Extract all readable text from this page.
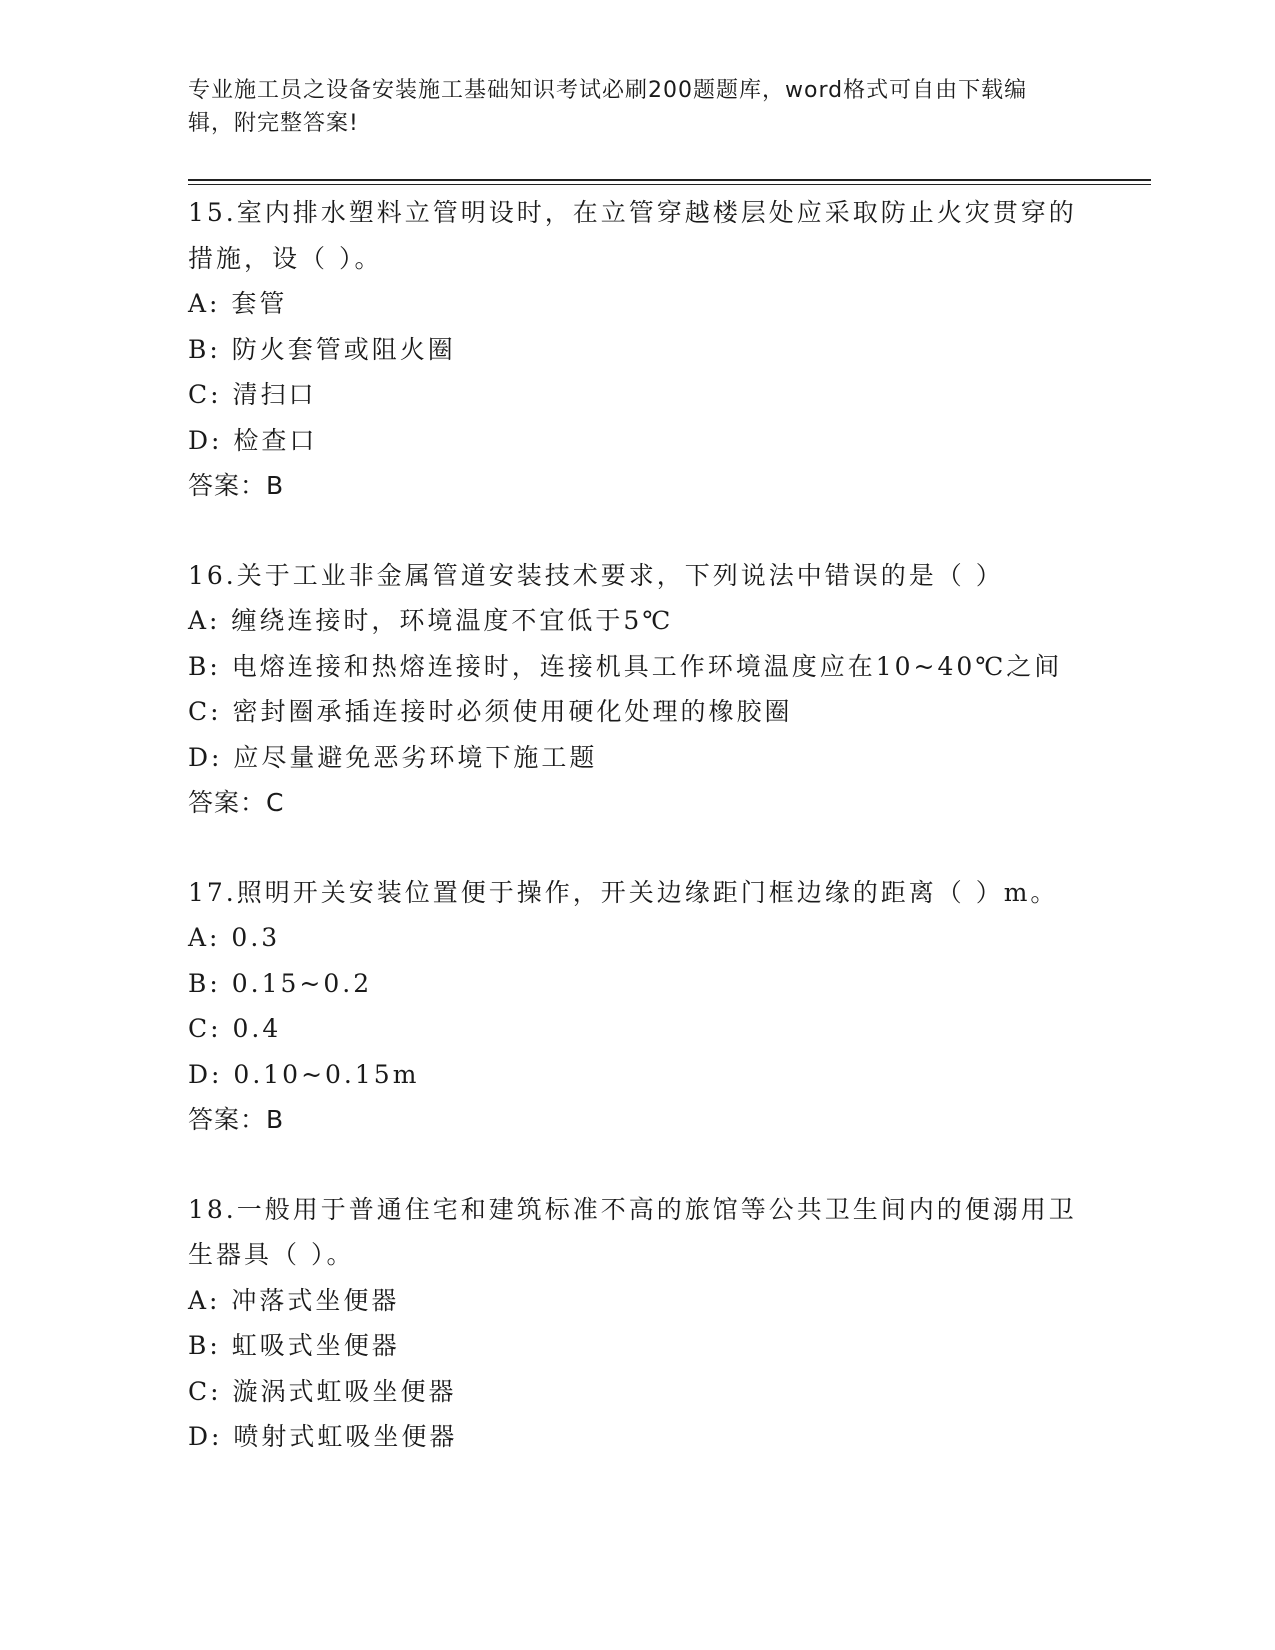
专业施工员之设备安装施工基础知识考试必刷200题题库，word格式可自由下载编辑，附完整答案!
15.室内排水塑料立管明设时，在立管穿越楼层处应采取防止火灾贯穿的措施，设（ ）。
A: 套管
B: 防火套管或阻火圈
C: 清扫口
D: 检查口
答案：B
16.关于工业非金属管道安装技术要求，下列说法中错误的是（ ）
A: 缠绕连接时，环境温度不宜低于5℃
B: 电熔连接和热熔连接时，连接机具工作环境温度应在10~40℃之间
C: 密封圈承插连接时必须使用硬化处理的橡胶圈
D: 应尽量避免恶劣环境下施工题
答案：C
17.照明开关安装位置便于操作，开关边缘距门框边缘的距离（ ）m。
A: 0.3
B: 0.15~0.2
C: 0.4
D: 0.10~0.15m
答案：B
18.一般用于普通住宅和建筑标准不高的旅馆等公共卫生间内的便溺用卫生器具（ ）。
A: 冲落式坐便器
B: 虹吸式坐便器
C: 漩涡式虹吸坐便器
D: 喷射式虹吸坐便器
